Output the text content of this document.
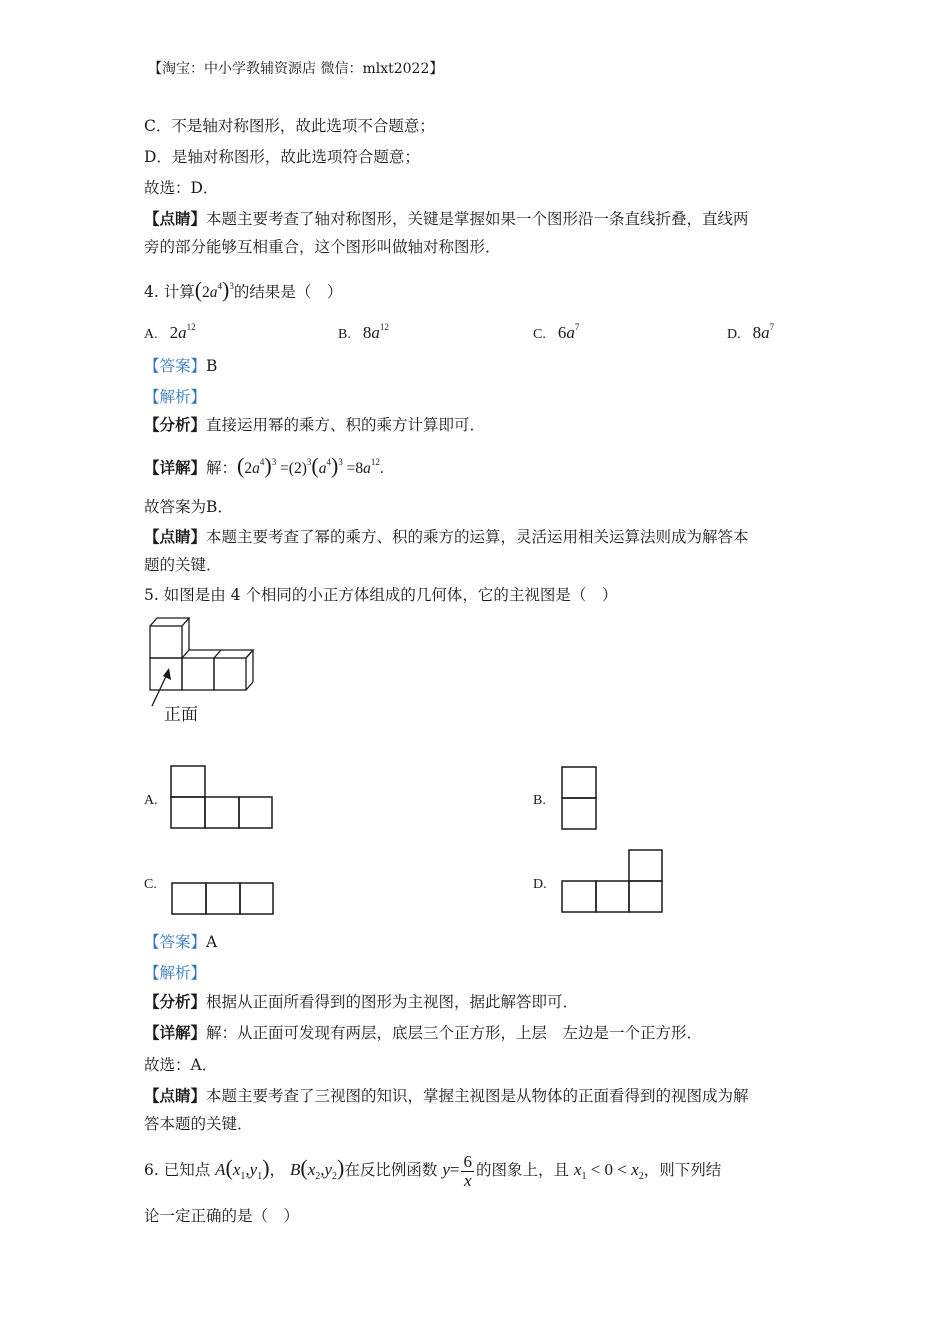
【淘宝：中小学教辅资源店 微信：mlxt2022】
C．不是轴对称图形，故此选项不合题意；
D．是轴对称图形，故此选项符合题意；
故选：D．
【点睛】本题主要考查了轴对称图形，关键是掌握如果一个图形沿一条直线折叠，直线两
旁的部分能够互相重合，这个图形叫做轴对称图形．
4. 计算$(2a^4)^3$的结果是（　）
A. $2a^{12}$	B. $8a^{12}$	C. $6a^7$	D. $8a^7$
【答案】B
【解析】
【分析】直接运用幂的乘方、积的乘方计算即可．
【详解】解：$(2a^4)^3 =(2)^3(a^4)^3 =8a^{12}$.
故答案为B．
【点睛】本题主要考查了幂的乘方、积的乘方的运算，灵活运用相关运算法则成为解答本
题的关键．
5. 如图是由 4 个相同的小正方体组成的几何体，它的主视图是（　）
正面
A.	B.
C.	D.
【答案】A
【解析】
【分析】根据从正面所看得到的图形为主视图，据此解答即可．
【详解】解：从正面可发现有两层，底层三个正方形，上层　左边是一个正方形．
故选：A．
【点睛】本题主要考查了三视图的知识，掌握主视图是从物体的正面看得到的视图成为解
答本题的关键．
6. 已知点 $A(x_1,y_1)$， $B(x_2,y_2)$在反比例函数 $y= \frac{6}{x}$ 的图象上，且 $x_1 < 0 < x_2$，则下列结
论一定正确的是（　）
